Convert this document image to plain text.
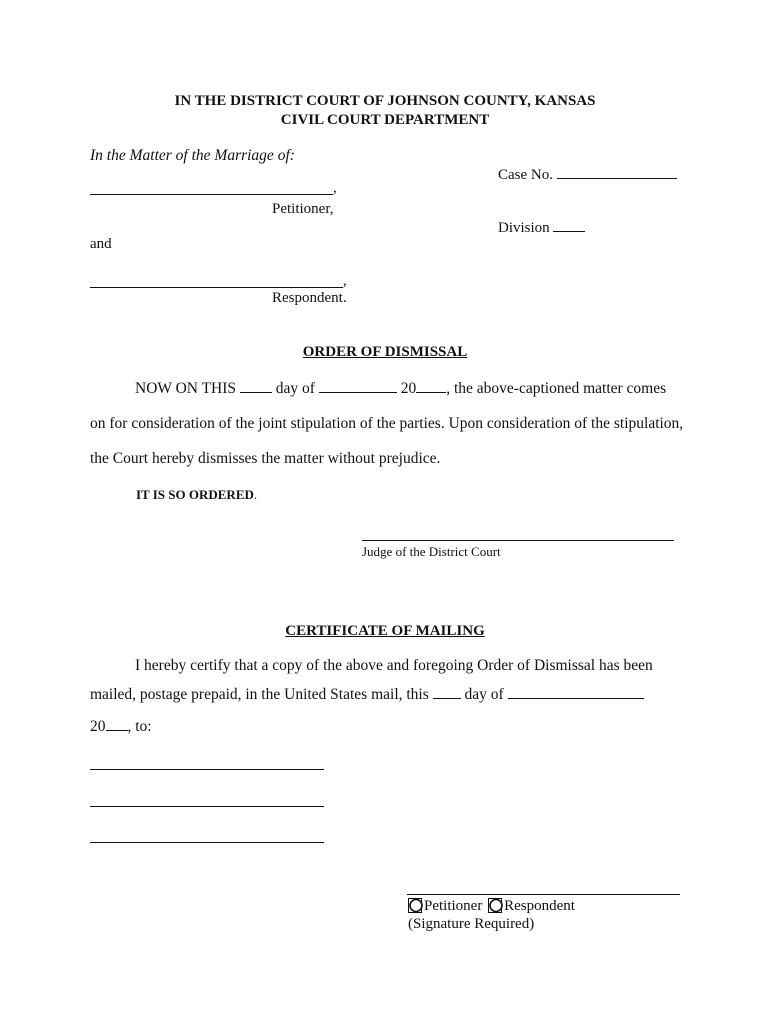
IN THE DISTRICT COURT OF JOHNSON COUNTY, KANSAS
CIVIL COURT DEPARTMENT
In the Matter of the Marriage of:
Case No.
,
Petitioner,
Division
and
,
Respondent.
ORDER OF DISMISSAL
NOW ON THIS	day of	20 , the above-captioned matter comes
on for consideration of the joint stipulation of the parties. Upon consideration of the stipulation,
the Court hereby dismisses the matter without prejudice.
IT IS SO ORDERED.
Judge of the District Court
CERTIFICATE OF MAILING
I hereby certify that a copy of the above and foregoing Order of Dismissal has been
mailed, postage prepaid, in the United States mail, this day of
20 , to:
Petitioner Respondent
(Signature Required)
